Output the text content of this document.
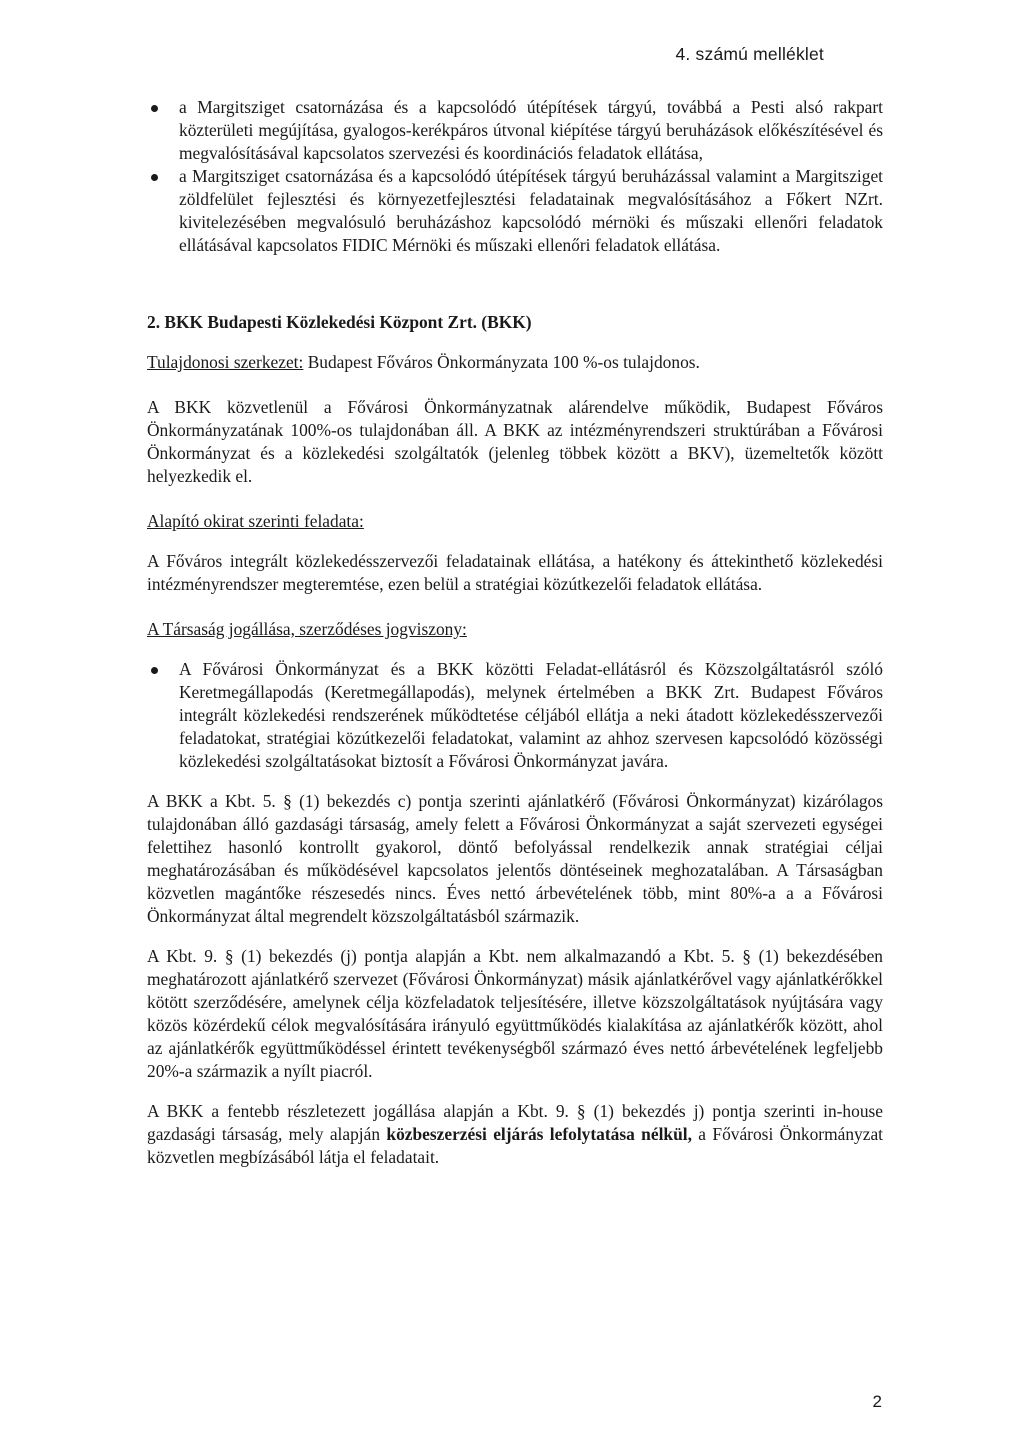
4. számú melléklet
a Margitsziget csatornázása és a kapcsolódó útépítések tárgyú, továbbá a Pesti alsó rakpart közterületi megújítása, gyalogos-kerékpáros útvonal kiépítése tárgyú beruházások előkészítésével és megvalósításával kapcsolatos szervezési és koordinációs feladatok ellátása,
a Margitsziget csatornázása és a kapcsolódó útépítések tárgyú beruházással valamint a Margitsziget zöldfelület fejlesztési és környezetfejlesztési feladatainak megvalósításához a Főkert NZrt. kivitelezésében megvalósuló beruházáshoz kapcsolódó mérnöki és műszaki ellenőri feladatok ellátásával kapcsolatos FIDIC Mérnöki és műszaki ellenőri feladatok ellátása.

2. BKK Budapesti Közlekedési Központ Zrt. (BKK)

Tulajdonosi szerkezet: Budapest Főváros Önkormányzata 100 %-os tulajdonos.

A BKK közvetlenül a Fővárosi Önkormányzatnak alárendelve működik, Budapest Főváros Önkormányzatának 100%-os tulajdonában áll. A BKK az intézményrendszeri struktúrában a Fővárosi Önkormányzat és a közlekedési szolgáltatók (jelenleg többek között a BKV), üzemeltetők között helyezkedik el.

Alapító okirat szerinti feladata:

A Főváros integrált közlekedésszervezői feladatainak ellátása, a hatékony és áttekinthető közlekedési intézményrendszer megteremtése, ezen belül a stratégiai közútkezelői feladatok ellátása.

A Társaság jogállása, szerződéses jogviszony:

A Fővárosi Önkormányzat és a BKK közötti Feladat-ellátásról és Közszolgáltatásról szóló Keretmegállapodás (Keretmegállapodás), melynek értelmében a BKK Zrt. Budapest Főváros integrált közlekedési rendszerének működtetése céljából ellátja a neki átadott közlekedésszervezői feladatokat, stratégiai közútkezelői feladatokat, valamint az ahhoz szervesen kapcsolódó közösségi közlekedési szolgáltatásokat biztosít a Fővárosi Önkormányzat javára.

A BKK a Kbt. 5. § (1) bekezdés c) pontja szerinti ajánlatkérő (Fővárosi Önkormányzat) kizárólagos tulajdonában álló gazdasági társaság, amely felett a Fővárosi Önkormányzat a saját szervezeti egységei felettihez hasonló kontrollt gyakorol, döntő befolyással rendelkezik annak stratégiai céljai meghatározásában és működésével kapcsolatos jelentős döntéseinek meghozatalában. A Társaságban közvetlen magántőke részesedés nincs. Éves nettó árbevételének több, mint 80%-a a a Fővárosi Önkormányzat által megrendelt közszolgáltatásból származik.

A Kbt. 9. § (1) bekezdés (j) pontja alapján a Kbt. nem alkalmazandó a Kbt. 5. § (1) bekezdésében meghatározott ajánlatkérő szervezet (Fővárosi Önkormányzat) másik ajánlatkérővel vagy ajánlatkérőkkel kötött szerződésére, amelynek célja közfeladatok teljesítésére, illetve közszolgáltatások nyújtására vagy közös közérdekű célok megvalósítására irányuló együttműködés kialakítása az ajánlatkérők között, ahol az ajánlatkérők együttműködéssel érintett tevékenységből származó éves nettó árbevételének legfeljebb 20%-a származik a nyílt piacról.

A BKK a fentebb részletezett jogállása alapján a Kbt. 9. § (1) bekezdés j) pontja szerinti in-house gazdasági társaság, mely alapján közbeszerzési eljárás lefolytatása nélkül, a Fővárosi Önkormányzat közvetlen megbízásából látja el feladatait.

2
